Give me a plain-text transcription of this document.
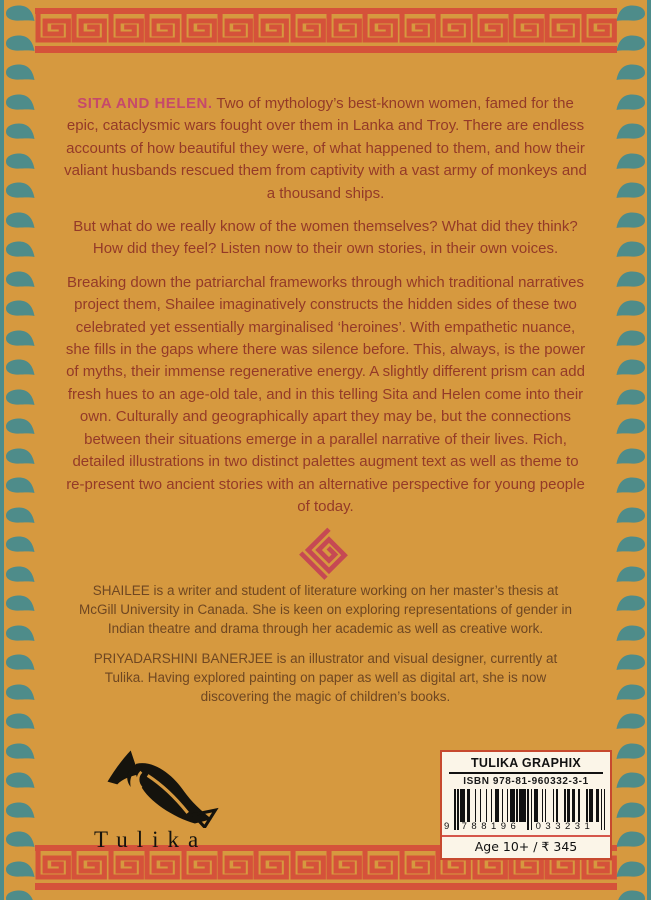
SITA AND HELEN. Two of mythology’s best-known women, famed for the epic, cataclysmic wars fought over them in Lanka and Troy. There are endless accounts of how beautiful they were, of what happened to them, and how their valiant husbands rescued them from captivity with a vast army of monkeys and a thousand ships.

But what do we really know of the women themselves? What did they think? How did they feel? Listen now to their own stories, in their own voices.

Breaking down the patriarchal frameworks through which traditional narratives project them, Shailee imaginatively constructs the hidden sides of these two celebrated yet essentially marginalised ‘heroines’. With empathetic nuance, she fills in the gaps where there was silence before. This, always, is the power of myths, their immense regenerative energy. A slightly different prism can add fresh hues to an age-old tale, and in this telling Sita and Helen come into their own. Culturally and geographically apart they may be, but the connections between their situations emerge in a parallel narrative of their lives. Rich, detailed illustrations in two distinct palettes augment text as well as theme to re-present two ancient stories with an alternative perspective for young people of today.

SHAILEE is a writer and student of literature working on her master’s thesis at McGill University in Canada. She is keen on exploring representations of gender in Indian theatre and drama through her academic as well as creative work.
PRIYADARSHINI BANERJEE is an illustrator and visual designer, currently at Tulika. Having explored painting on paper as well as digital art, she is now discovering the magic of children’s books.
Tulika
TULIKA GRAPHIX
ISBN 978-81-960332-3-1
9	788196	033231
Age 10+ / ₹ 345
